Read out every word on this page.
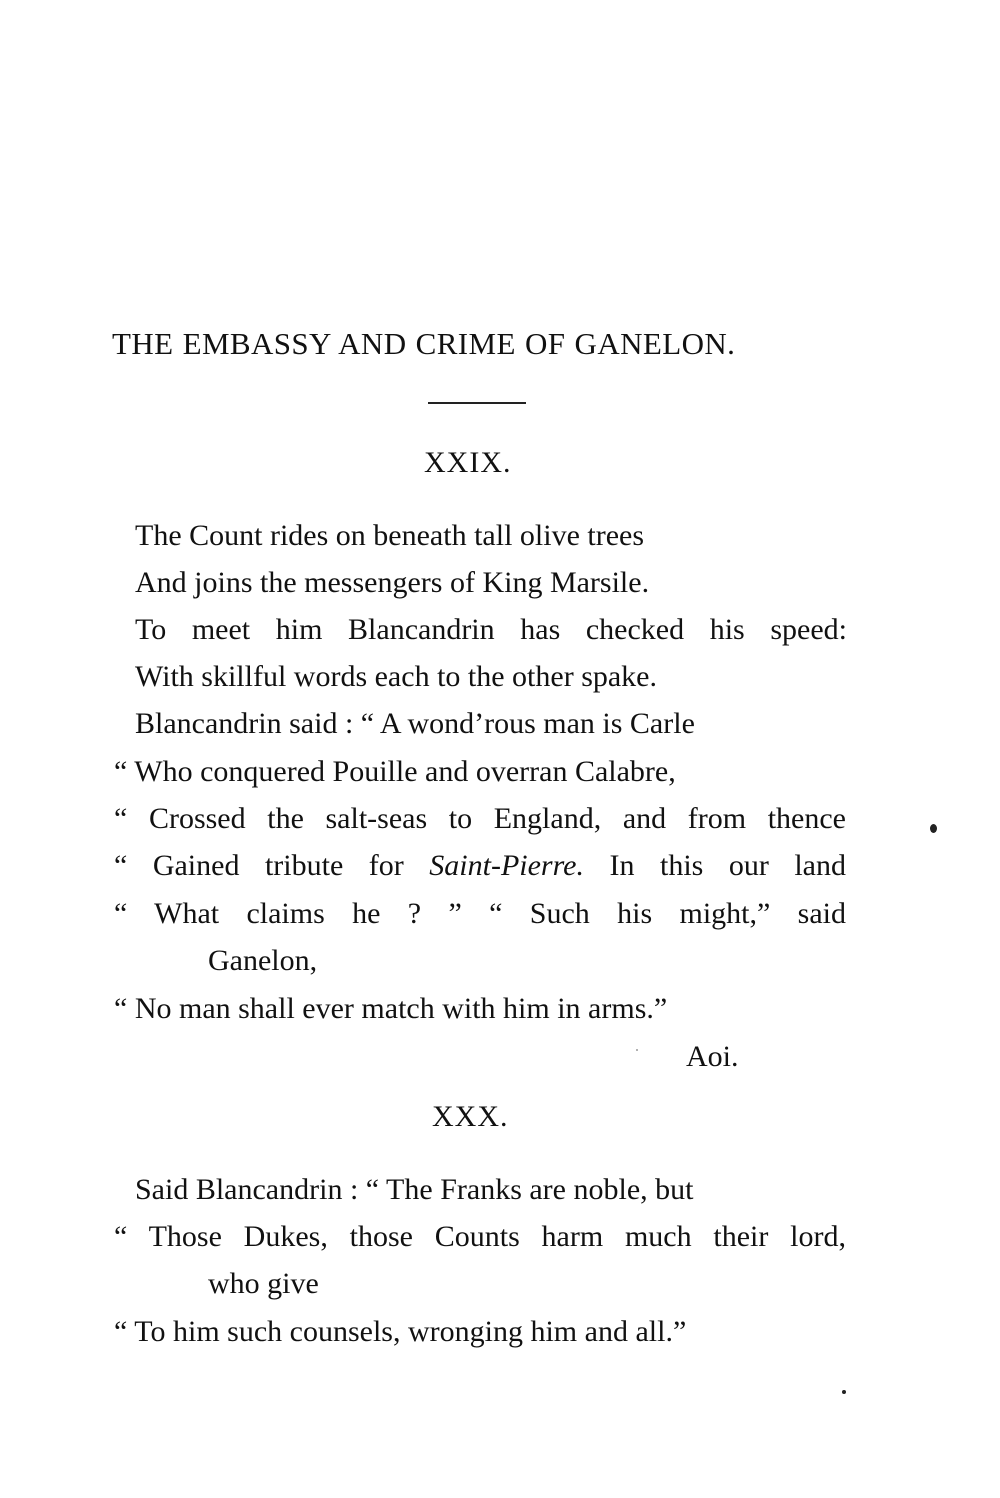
THE EMBASSY AND CRIME OF GANELON.
XXIX.
The Count rides on beneath tall olive trees
And joins the messengers of King Marsile.
To meet him Blancandrin has checked his speed:
With skillful words each to the other spake.
Blancandrin said : “ A wond’rous man is Carle
“ Who conquered Pouille and overran Calabre,
“ Crossed the salt-seas to England, and from thence
“ Gained tribute for Saint-Pierre. In this our land
“ What claims he ? ” “ Such his might,” said
Ganelon,
“ No man shall ever match with him in arms.”
Aoi.
XXX.
Said Blancandrin : “ The Franks are noble, but
“ Those Dukes, those Counts harm much their lord,
who give
“ To him such counsels, wronging him and all.”
